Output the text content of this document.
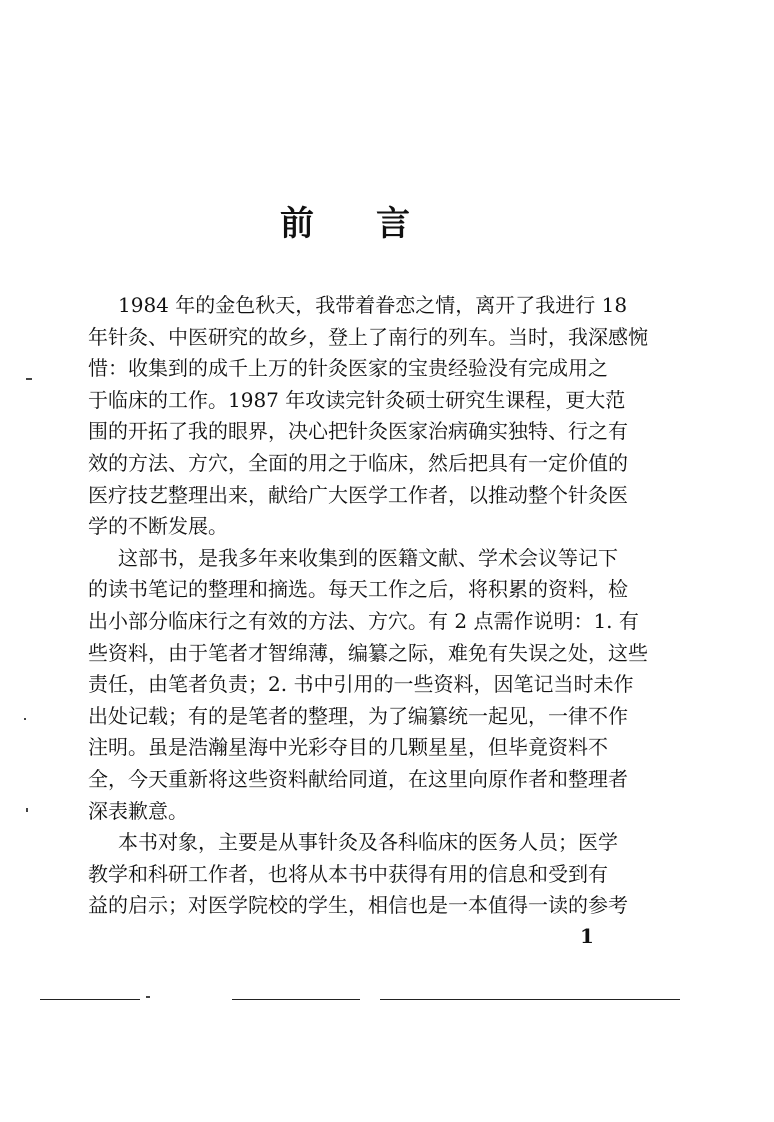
前 言
1984 年的金色秋天，我带着眷恋之情，离开了我进行 18
年针灸、中医研究的故乡，登上了南行的列车。当时，我深感惋
惜：收集到的成千上万的针灸医家的宝贵经验没有完成用之
于临床的工作。1987 年攻读完针灸硕士研究生课程，更大范
围的开拓了我的眼界，决心把针灸医家治病确实独特、行之有
效的方法、方穴，全面的用之于临床，然后把具有一定价值的
医疗技艺整理出来，献给广大医学工作者，以推动整个针灸医
学的不断发展。
这部书，是我多年来收集到的医籍文献、学术会议等记下
的读书笔记的整理和摘选。每天工作之后，将积累的资料，检
出小部分临床行之有效的方法、方穴。有 2 点需作说明：1. 有
些资料，由于笔者才智绵薄，编纂之际，难免有失误之处，这些
责任，由笔者负责；2. 书中引用的一些资料，因笔记当时未作
出处记载；有的是笔者的整理，为了编纂统一起见，一律不作
注明。虽是浩瀚星海中光彩夺目的几颗星星，但毕竟资料不
全，今天重新将这些资料献给同道，在这里向原作者和整理者
深表歉意。
本书对象，主要是从事针灸及各科临床的医务人员；医学
教学和科研工作者，也将从本书中获得有用的信息和受到有
益的启示；对医学院校的学生，相信也是一本值得一读的参考
1
